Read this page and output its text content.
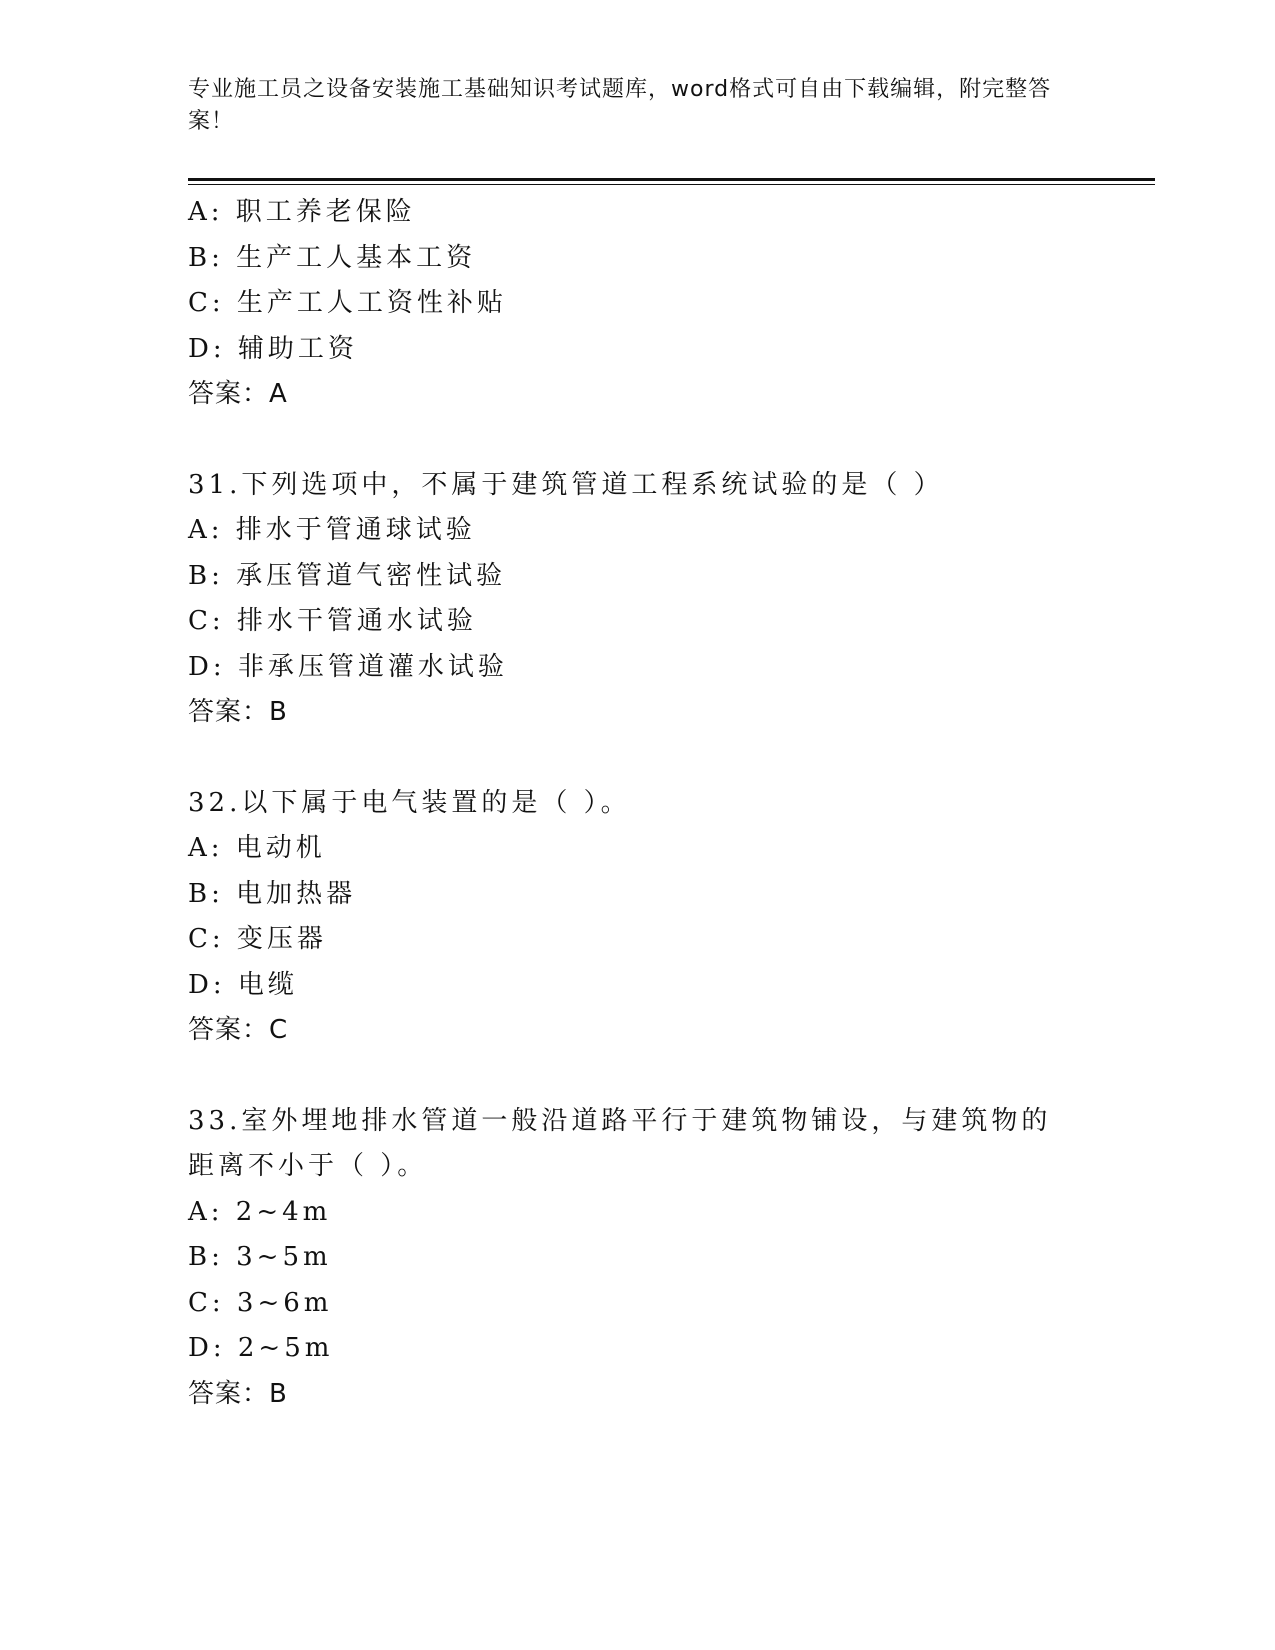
专业施工员之设备安装施工基础知识考试题库，word格式可自由下载编辑，附完整答案！
A: 职工养老保险
B: 生产工人基本工资
C: 生产工人工资性补贴
D: 辅助工资
答案：A
31.下列选项中，不属于建筑管道工程系统试验的是（ ）
A: 排水于管通球试验
B: 承压管道气密性试验
C: 排水干管通水试验
D: 非承压管道灌水试验
答案：B
32.以下属于电气装置的是（ ）。
A: 电动机
B: 电加热器
C: 变压器
D: 电缆
答案：C
33.室外埋地排水管道一般沿道路平行于建筑物铺设，与建筑物的距离不小于（ ）。
A: 2~4m
B: 3~5m
C: 3~6m
D: 2~5m
答案：B
